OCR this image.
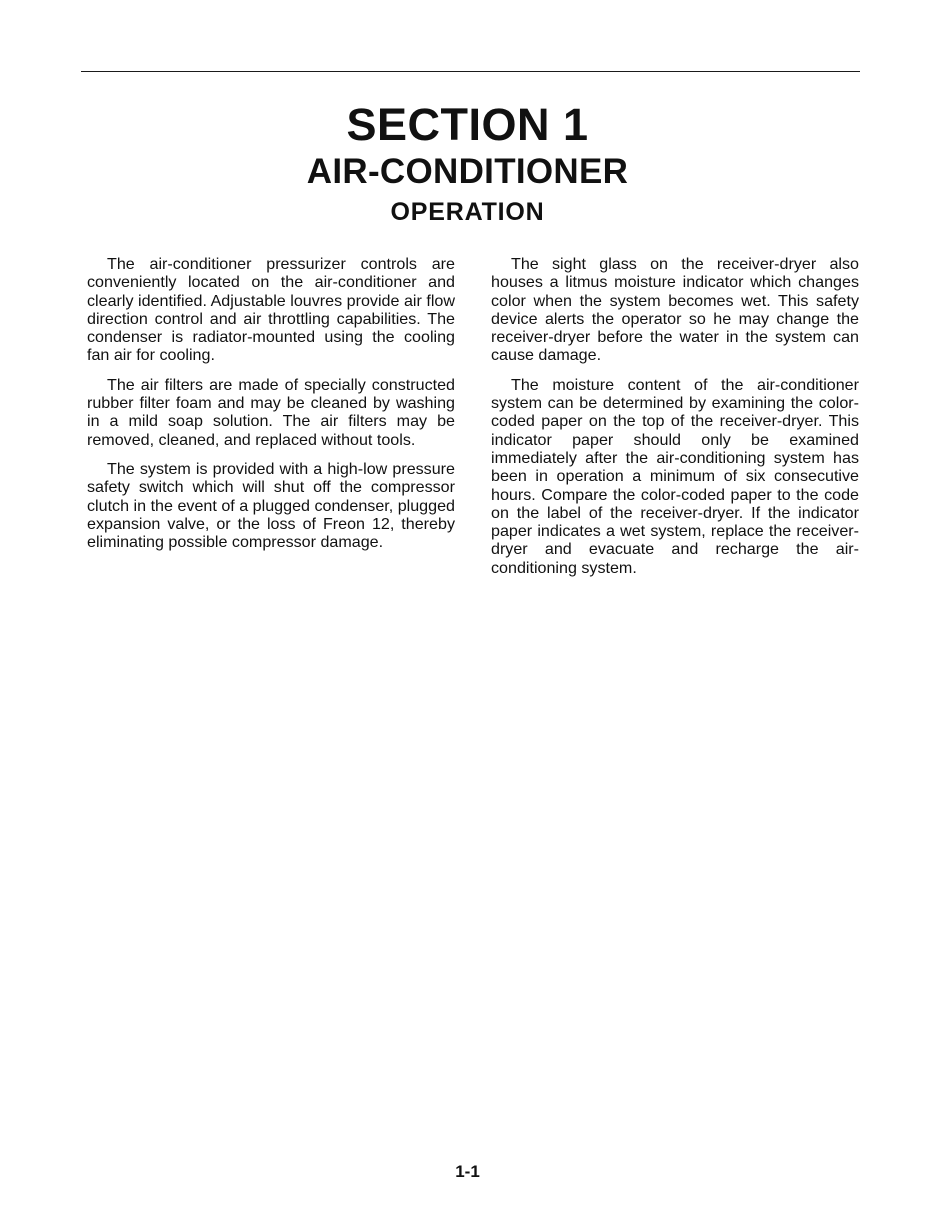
SECTION 1
AIR-CONDITIONER
OPERATION

The air-conditioner pressurizer controls are conveniently located on the air-conditioner and clearly identified. Adjustable louvres provide air flow direction control and air throttling capabilities. The condenser is radiator-mounted using the cooling fan air for cooling.

The air filters are made of specially constructed rubber filter foam and may be cleaned by washing in a mild soap solution. The air filters may be removed, cleaned, and replaced without tools.

The system is provided with a high-low pressure safety switch which will shut off the compressor clutch in the event of a plugged condenser, plugged expansion valve, or the loss of Freon 12, thereby eliminating possible compressor damage.

The sight glass on the receiver-dryer also houses a litmus moisture indicator which changes color when the system becomes wet. This safety device alerts the operator so he may change the receiver-dryer before the water in the system can cause damage.

The moisture content of the air-conditioner system can be determined by examining the color-coded paper on the top of the receiver-dryer. This indicator paper should only be examined immediately after the air-conditioning system has been in operation a minimum of six consecutive hours. Compare the color-coded paper to the code on the label of the receiver-dryer. If the indicator paper indicates a wet system, replace the receiver-dryer and evacuate and recharge the air-conditioning system.

1-1
